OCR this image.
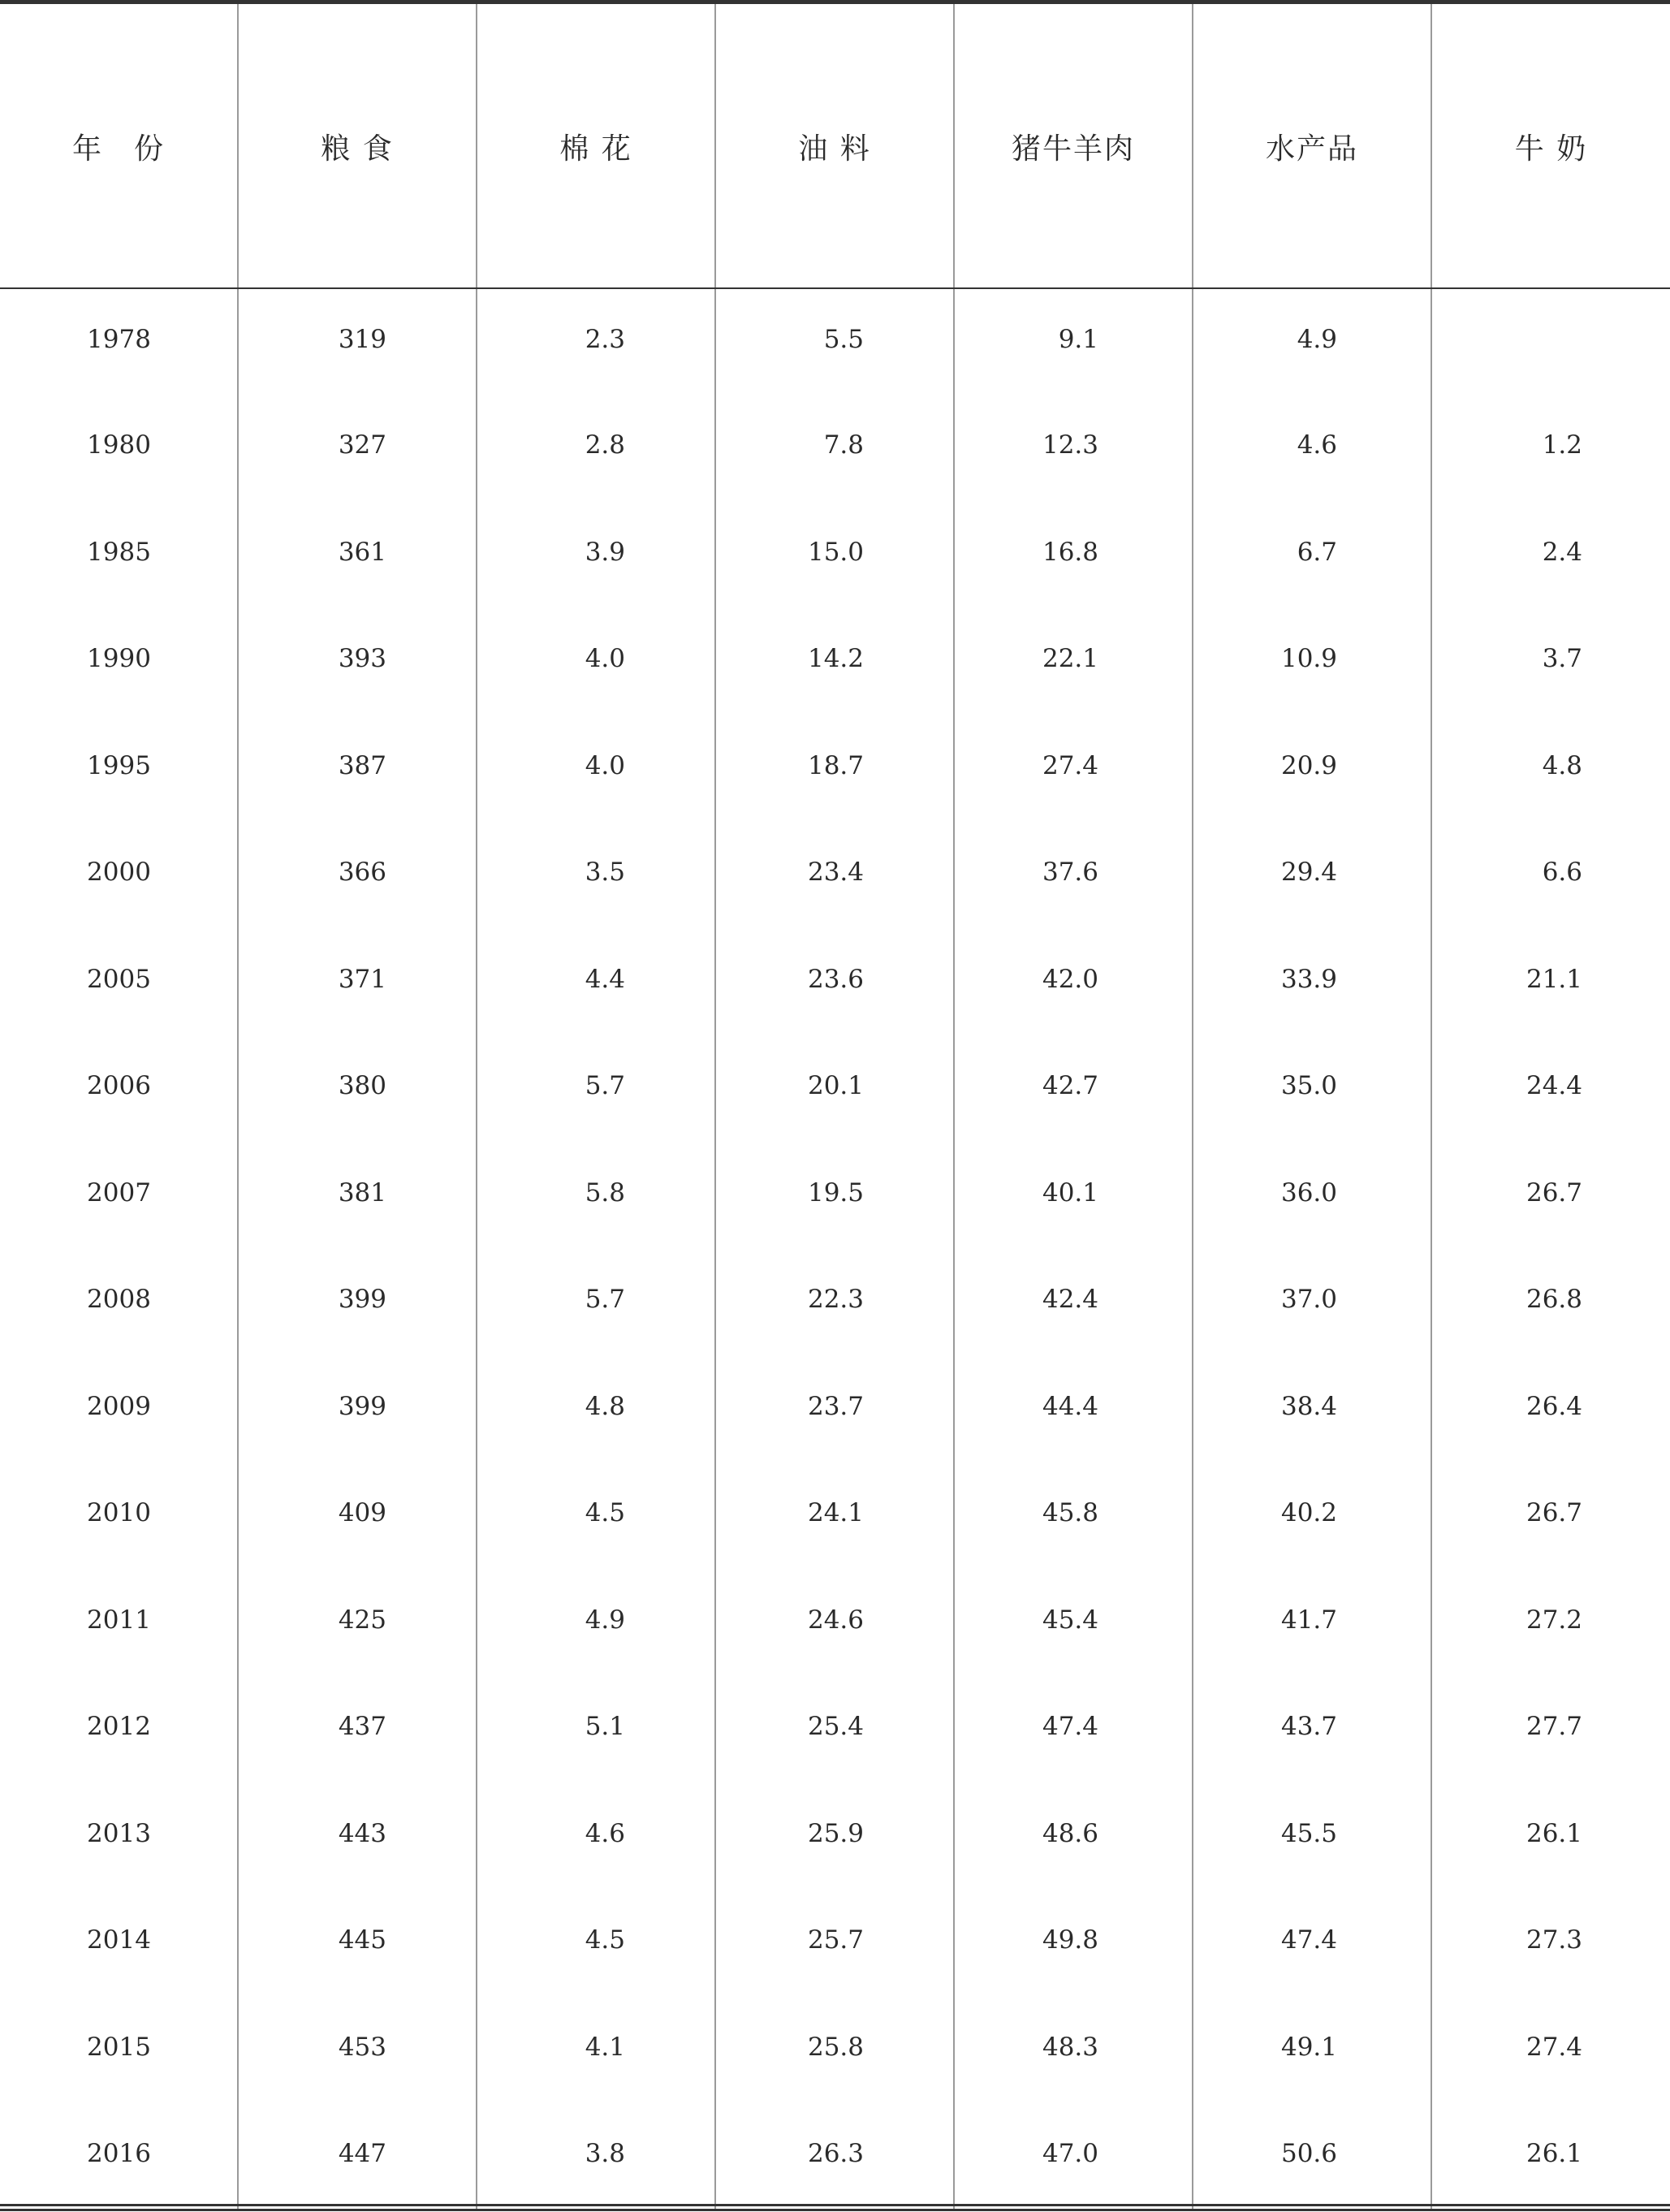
年　份	粮 食	棉 花	油 料	猪牛羊肉	水产品	牛 奶
1978	319	2.3	5.5	9.1	4.9	
1980	327	2.8	7.8	12.3	4.6	1.2
1985	361	3.9	15.0	16.8	6.7	2.4
1990	393	4.0	14.2	22.1	10.9	3.7
1995	387	4.0	18.7	27.4	20.9	4.8
2000	366	3.5	23.4	37.6	29.4	6.6
2005	371	4.4	23.6	42.0	33.9	21.1
2006	380	5.7	20.1	42.7	35.0	24.4
2007	381	5.8	19.5	40.1	36.0	26.7
2008	399	5.7	22.3	42.4	37.0	26.8
2009	399	4.8	23.7	44.4	38.4	26.4
2010	409	4.5	24.1	45.8	40.2	26.7
2011	425	4.9	24.6	45.4	41.7	27.2
2012	437	5.1	25.4	47.4	43.7	27.7
2013	443	4.6	25.9	48.6	45.5	26.1
2014	445	4.5	25.7	49.8	47.4	27.3
2015	453	4.1	25.8	48.3	49.1	27.4
2016	447	3.8	26.3	47.0	50.6	26.1
